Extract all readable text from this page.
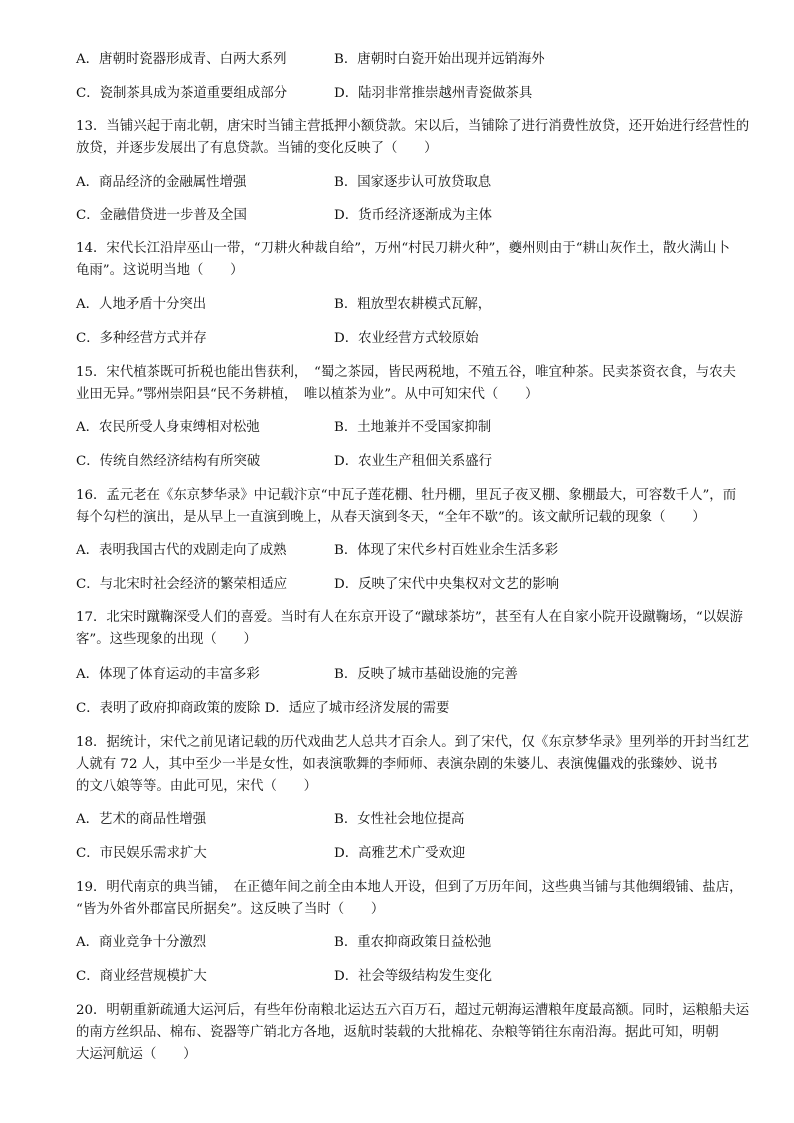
A．唐朝时瓷器形成青、白两大系列	B．唐朝时白瓷开始出现并远销海外
C．瓷制茶具成为茶道重要组成部分	D．陆羽非常推崇越州青瓷做茶具
13．当铺兴起于南北朝，唐宋时当铺主营抵押小额贷款。宋以后，当铺除了进行消费性放贷，还开始进行经营性的
放贷，并逐步发展出了有息贷款。当铺的变化反映了（　　）
A．商品经济的金融属性增强	B．国家逐步认可放贷取息
C．金融借贷进一步普及全国	D．货币经济逐渐成为主体
14．宋代长江沿岸巫山一带，“刀耕火种裁自给”，万州“村民刀耕火种”，夔州则由于“耕山灰作土，散火满山卜
龟雨”。这说明当地（　　）
A．人地矛盾十分突出	B．粗放型农耕模式瓦解，
C．多种经营方式并存	D．农业经营方式较原始
15．宋代植茶既可折税也能出售获利，　“蜀之茶园，皆民两税地，不殖五谷，唯宜种茶。民卖茶资衣食，与农夫
业田无异。”鄂州崇阳县“民不务耕植，　唯以植茶为业”。从中可知宋代（　　）
A．农民所受人身束缚相对松弛	B．土地兼并不受国家抑制
C．传统自然经济结构有所突破	D．农业生产租佃关系盛行
16．孟元老在《东京梦华录》中记载汴京“中瓦子莲花棚、牡丹棚，里瓦子夜叉棚、象棚最大，可容数千人”，而
每个勾栏的演出，是从早上一直演到晚上，从春天演到冬天，“全年不歇”的。该文献所记载的现象（　　）
A．表明我国古代的戏剧走向了成熟	B．体现了宋代乡村百姓业余生活多彩
C．与北宋时社会经济的繁荣相适应	D．反映了宋代中央集权对文艺的影响
17．北宋时蹴鞠深受人们的喜爱。当时有人在东京开设了“蹴球茶坊”，甚至有人在自家小院开设蹴鞠场，“以娱游
客”。这些现象的出现（　　）
A．体现了体育运动的丰富多彩	B．反映了城市基础设施的完善
C．表明了政府抑商政策的废除 D．适应了城市经济发展的需要
18．据统计，宋代之前见诸记载的历代戏曲艺人总共才百余人。到了宋代，仅《东京梦华录》里列举的开封当红艺
人就有 72 人，其中至少一半是女性，如表演歌舞的李师师、表演杂剧的朱婆儿、表演傀儡戏的张臻妙、说书
的文八娘等等。由此可见，宋代（　　）
A．艺术的商品性增强	B．女性社会地位提高
C．市民娱乐需求扩大	D．高雅艺术广受欢迎
19．明代南京的典当铺，　在正德年间之前全由本地人开设，但到了万历年间，这些典当铺与其他绸缎铺、盐店，
“皆为外省外郡富民所据矣”。这反映了当时（　　）
A．商业竞争十分激烈	B．重农抑商政策日益松弛
C．商业经营规模扩大	D．社会等级结构发生变化
20．明朝重新疏通大运河后，有些年份南粮北运达五六百万石，超过元朝海运漕粮年度最高额。同时，运粮船夫运
的南方丝织品、棉布、瓷器等广销北方各地，返航时装载的大批棉花、杂粮等销往东南沿海。据此可知，明朝
大运河航运（　　）
